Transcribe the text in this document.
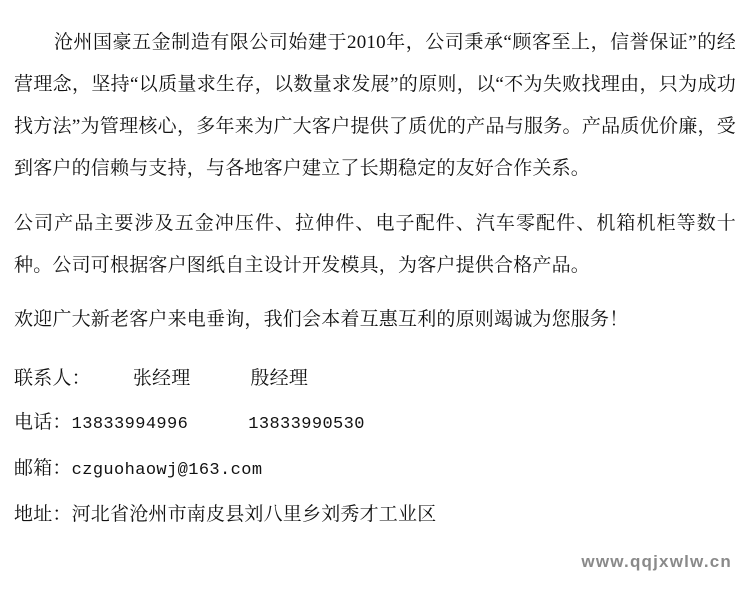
沧州国豪五金制造有限公司始建于2010年，公司秉承“顾客至上，信誉保证”的经营理念，坚持“以质量求生存，以数量求发展”的原则，以“不为失败找理由，只为成功找方法”为管理核心，多年来为广大客户提供了质优的产品与服务。产品质优价廉，受到客户的信赖与支持，与各地客户建立了长期稳定的友好合作关系。

公司产品主要涉及五金冲压件、拉伸件、电子配件、汽车零配件、机箱机柜等数十种。公司可根据客户图纸自主设计开发模具，为客户提供合格产品。

欢迎广大新老客户来电垂询，我们会本着互惠互利的原则竭诚为您服务！

联系人： 张经理	殷经理

电话：13833994996	13833990530

邮箱：czguohaowj@163.com

地址：河北省沧州市南皮县刘八里乡刘秀才工业区

www.qqjxwlw.cn
